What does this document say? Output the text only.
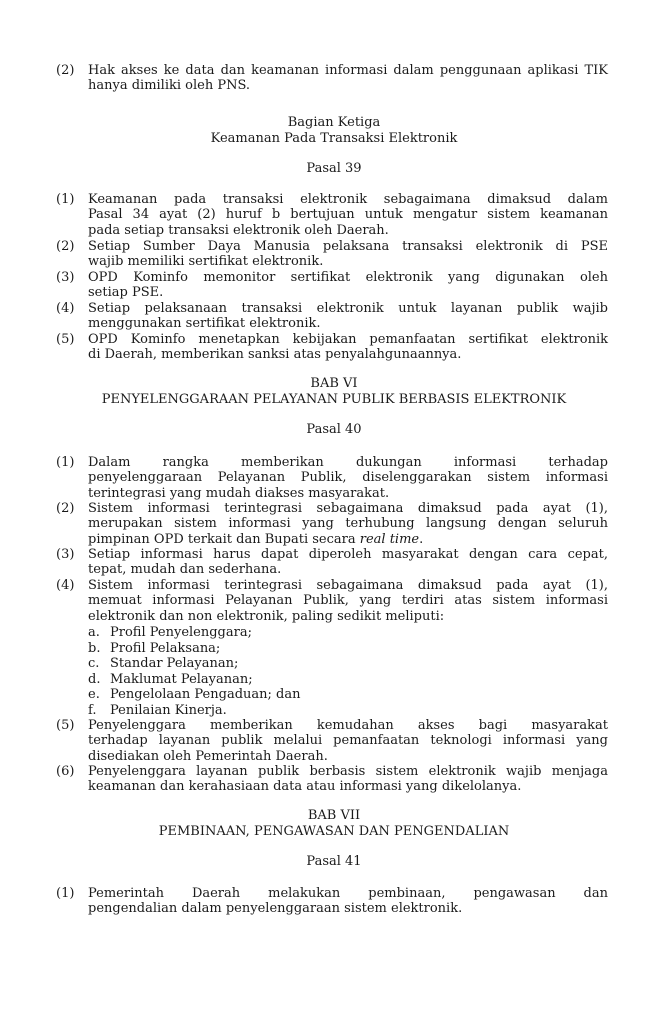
(2) Hak akses ke data dan keamanan informasi dalam penggunaan aplikasi TIK
hanya dimiliki oleh PNS.
Bagian Ketiga
Keamanan Pada Transaksi Elektronik
Pasal 39
(1) Keamanan pada transaksi elektronik sebagaimana dimaksud dalam
Pasal 34 ayat (2) huruf b bertujuan untuk mengatur sistem keamanan
pada setiap transaksi elektronik oleh Daerah.
(2) Setiap Sumber Daya Manusia pelaksana transaksi elektronik di PSE
wajib memiliki sertifikat elektronik.
(3) OPD Kominfo memonitor sertifikat elektronik yang digunakan oleh
setiap PSE.
(4) Setiap pelaksanaan transaksi elektronik untuk layanan publik wajib
menggunakan sertifikat elektronik.
(5) OPD Kominfo menetapkan kebijakan pemanfaatan sertifikat elektronik
di Daerah, memberikan sanksi atas penyalahgunaannya.
BAB VI
PENYELENGGARAAN PELAYANAN PUBLIK BERBASIS ELEKTRONIK
Pasal 40
(1) Dalam rangka memberikan dukungan informasi terhadap
penyelenggaraan Pelayanan Publik, diselenggarakan sistem informasi
terintegrasi yang mudah diakses masyarakat.
(2) Sistem informasi terintegrasi sebagaimana dimaksud pada ayat (1),
merupakan sistem informasi yang terhubung langsung dengan seluruh
pimpinan OPD terkait dan Bupati secara real time.
(3) Setiap informasi harus dapat diperoleh masyarakat dengan cara cepat,
tepat, mudah dan sederhana.
(4) Sistem informasi terintegrasi sebagaimana dimaksud pada ayat (1),
memuat informasi Pelayanan Publik, yang terdiri atas sistem informasi
elektronik dan non elektronik, paling sedikit meliputi:
a. Profil Penyelenggara;
b. Profil Pelaksana;
c. Standar Pelayanan;
d. Maklumat Pelayanan;
e. Pengelolaan Pengaduan; dan
f. Penilaian Kinerja.
(5) Penyelenggara memberikan kemudahan akses bagi masyarakat
terhadap layanan publik melalui pemanfaatan teknologi informasi yang
disediakan oleh Pemerintah Daerah.
(6) Penyelenggara layanan publik berbasis sistem elektronik wajib menjaga
keamanan dan kerahasiaan data atau informasi yang dikelolanya.
BAB VII
PEMBINAAN, PENGAWASAN DAN PENGENDALIAN
Pasal 41
(1) Pemerintah Daerah melakukan pembinaan, pengawasan dan
pengendalian dalam penyelenggaraan sistem elektronik.
